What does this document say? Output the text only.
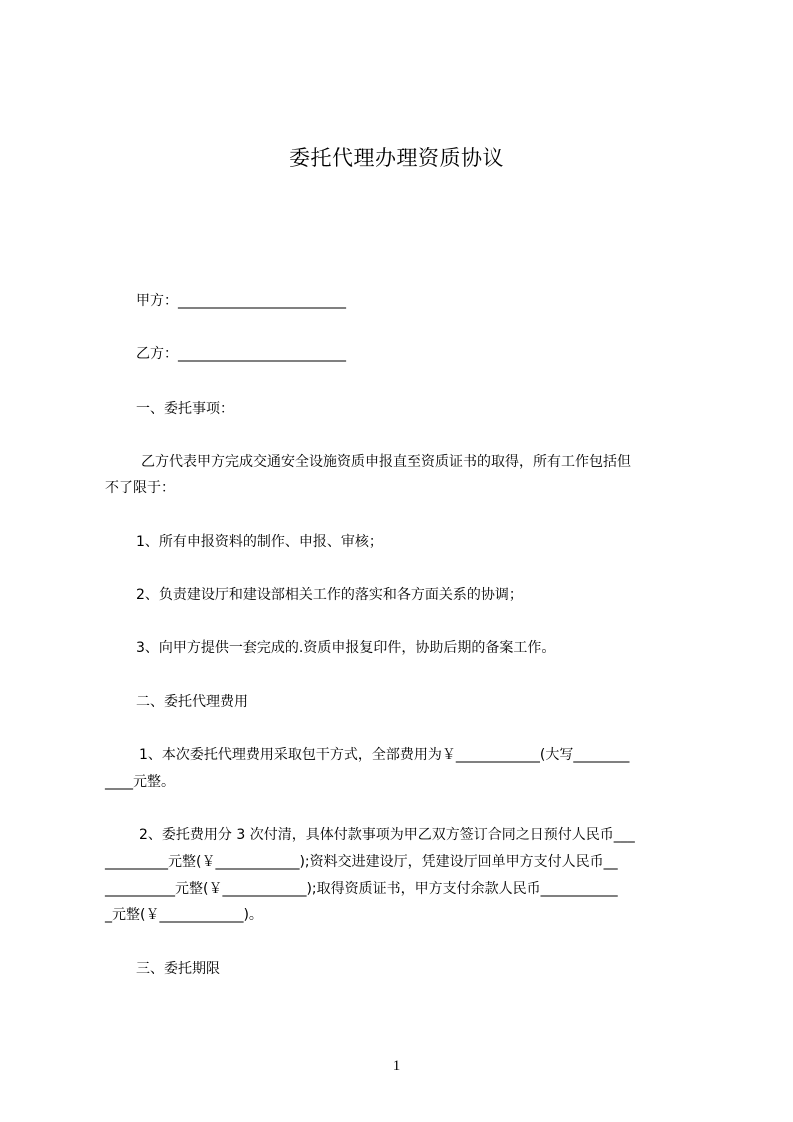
委托代理办理资质协议
甲方：________________________
乙方：________________________
一、委托事项：
乙方代表甲方完成交通安全设施资质申报直至资质证书的取得，所有工作包括但
不了限于：
1、所有申报资料的制作、申报、审核；
2、负责建设厅和建设部相关工作的落实和各方面关系的协调；
3、向甲方提供一套完成的.资质申报复印件，协助后期的备案工作。
二、委托代理费用
1、本次委托代理费用采取包干方式，全部费用为￥____________(大写________
____元整。
2、委托费用分 3 次付清，具体付款事项为甲乙双方签订合同之日预付人民币___
_________元整(￥____________);资料交进建设厅，凭建设厅回单甲方支付人民币__
__________元整(￥____________);取得资质证书，甲方支付余款人民币___________
_元整(￥____________)。
三、委托期限
1
